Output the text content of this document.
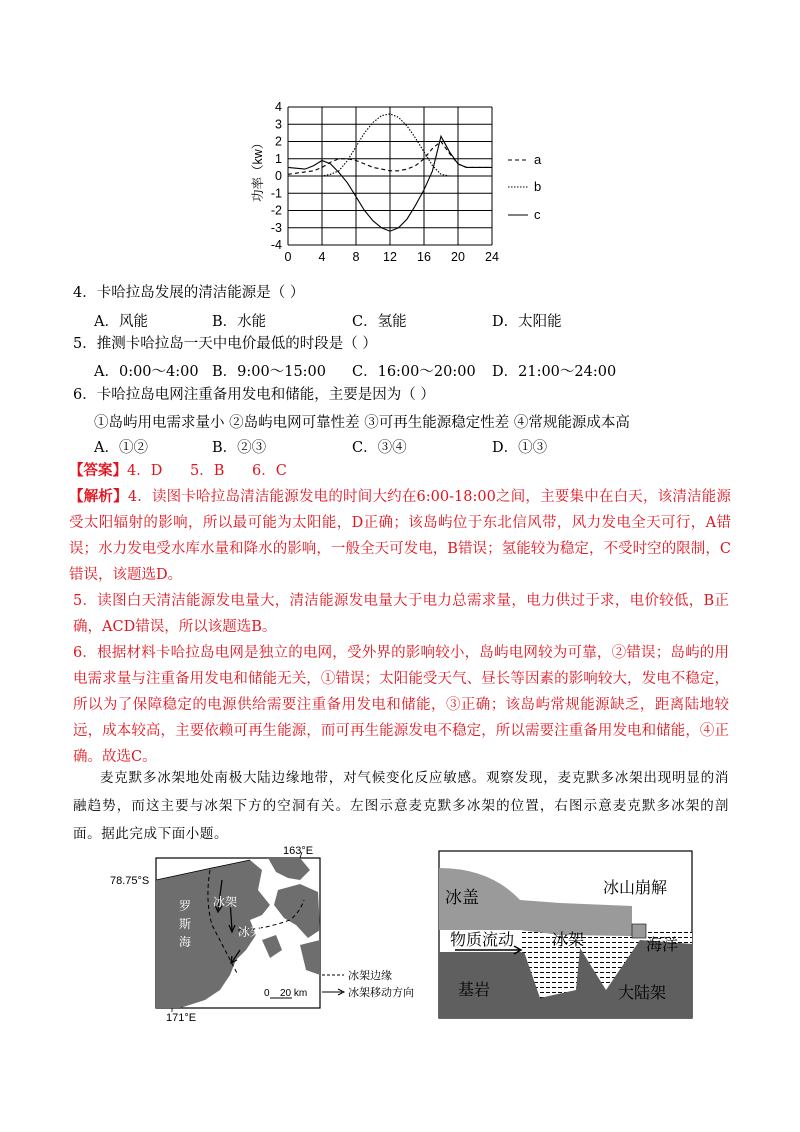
0 4 8 12 16 20 24
4
3
2
1
0
-1
-2
-3
-4
功率（kw）	a
b
c
4．卡哈拉岛发展的清洁能源是（ ）
A．风能	B．水能	C．氢能	D．太阳能
5．推测卡哈拉岛一天中电价最低的时段是（ ）
A．0:00～4:00 B．9:00～15:00 C．16:00～20:00 D．21:00～24:00
6．卡哈拉岛电网注重备用发电和储能，主要是因为（ ）
①岛屿用电需求量小 ②岛屿电网可靠性差 ③可再生能源稳定性差 ④常规能源成本高
A．①②	B．②③	C．③④	D．①③
【答案】4．D      5．B      6．C
【解析】4．读图卡哈拉岛清洁能源发电的时间大约在6:00-18:00之间，主要集中在白天，该清洁能源受太阳辐射的影响，所以最可能为太阳能，D正确；该岛屿位于东北信风带，风力发电全天可行，A错误；水力发电受水库水量和降水的影响，一般全天可发电，B错误；氢能较为稳定，不受时空的限制，C错误，该题选D。
5．读图白天清洁能源发电量大，清洁能源发电量大于电力总需求量，电力供过于求，电价较低，B正确，ACD错误，所以该题选B。
6．根据材料卡哈拉岛电网是独立的电网，受外界的影响较小，岛屿电网较为可靠，②错误；岛屿的用电需求量与注重备用发电和储能无关，①错误；太阳能受天气、昼长等因素的影响较大，发电不稳定，所以为了保障稳定的电源供给需要注重备用发电和储能，③正确；该岛屿常规能源缺乏，距离陆地较远，成本较高，主要依赖可再生能源，而可再生能源发电不稳定，所以需要注重备用发电和储能，④正确。故选C。
麦克默多冰架地处南极大陆边缘地带，对气候变化反应敏感。观察发现，麦克默多冰架出现明显的消融趋势，而这主要与冰架下方的空洞有关。左图示意麦克默多冰架的位置，右图示意麦克默多冰架的剖面。据此完成下面小题。
163°E
78.75°S
171°E
罗
斯
海
冰架
冰架
冰架边缘
冰架移动方向
0 20 km
冰盖	冰山崩解
物质流动 冰架	海洋
基岩	大陆架
